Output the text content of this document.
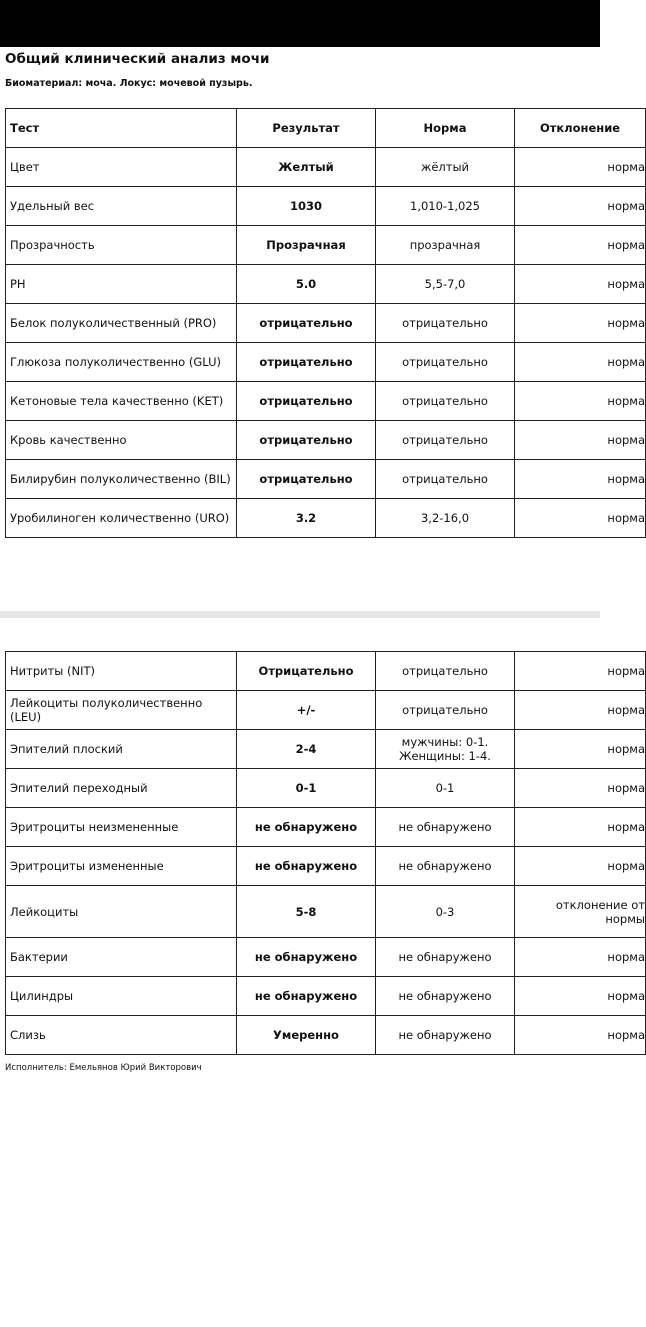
Общий клинический анализ мочи
Биоматериал: моча. Локус: мочевой пузырь.
Тест	Результат	Норма	Отклонение
Цвет	Желтый	жёлтый	норма
Удельный вес	1030	1,010-1,025	норма
Прозрачность	Прозрачная	прозрачная	норма
PH	5.0	5,5-7,0	норма
Белок полуколичественный (PRO)	отрицательно	отрицательно	норма
Глюкоза полуколичественно (GLU)	отрицательно	отрицательно	норма
Кетоновые тела качественно (KET)	отрицательно	отрицательно	норма
Кровь качественно	отрицательно	отрицательно	норма
Билирубин полуколичественно (BIL)	отрицательно	отрицательно	норма
Уробилиноген количественно (URO)	3.2	3,2-16,0	норма
Нитриты (NIT)	Отрицательно	отрицательно	норма
Лейкоциты полуколичественно (LEU)	+/-	отрицательно	норма
Эпителий плоский	2-4	мужчины: 0-1. Женщины: 1-4.	норма
Эпителий переходный	0-1	0-1	норма
Эритроциты неизмененные	не обнаружено	не обнаружено	норма
Эритроциты измененные	не обнаружено	не обнаружено	норма
Лейкоциты	5-8	0-3	отклонение от нормы
Бактерии	не обнаружено	не обнаружено	норма
Цилиндры	не обнаружено	не обнаружено	норма
Слизь	Умеренно	не обнаружено	норма
Исполнитель: Емельянов Юрий Викторович
